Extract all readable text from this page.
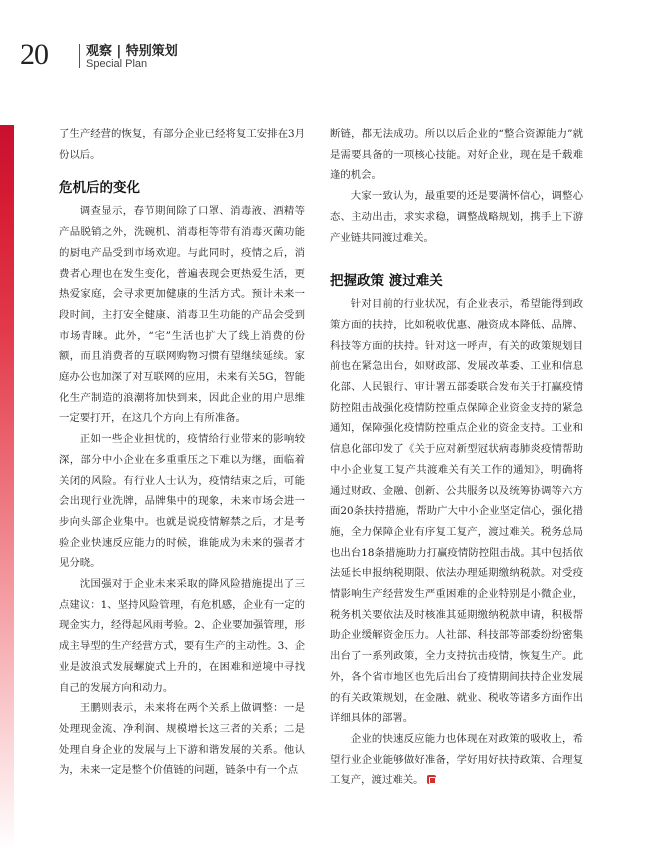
20	观察 | 特别策划
Special Plan

了生产经营的恢复，有部分企业已经将复工安排在3月份以后。

危机后的变化

调查显示，春节期间除了口罩、消毒液、酒精等产品脱销之外，洗碗机、消毒柜等带有消毒灭菌功能的厨电产品受到市场欢迎。与此同时，疫情之后，消费者心理也在发生变化，普遍表现会更热爱生活，更热爱家庭，会寻求更加健康的生活方式。预计未来一段时间，主打安全健康、消毒卫生功能的产品会受到市场青睐。此外，“宅”生活也扩大了线上消费的份额，而且消费者的互联网购物习惯有望继续延续。家庭办公也加深了对互联网的应用，未来有关5G，智能化生产制造的浪潮将加快到来，因此企业的用户思维一定要打开，在这几个方向上有所准备。

正如一些企业担忧的，疫情给行业带来的影响较深，部分中小企业在多重重压之下难以为继，面临着关闭的风险。有行业人士认为，疫情结束之后，可能会出现行业洗牌，品牌集中的现象，未来市场会进一步向头部企业集中。也就是说疫情解禁之后，才是考验企业快速反应能力的时候，谁能成为未来的强者才见分晓。

沈国强对于企业未来采取的降风险措施提出了三点建议：1、坚持风险管理，有危机感，企业有一定的现金实力，经得起风雨考验。2、企业要加强管理，形成主导型的生产经营方式，要有生产的主动性。3、企业是波浪式发展螺旋式上升的，在困难和逆境中寻找自己的发展方向和动力。

王鹏则表示，未来将在两个关系上做调整：一是处理现金流、净利润、规模增长这三者的关系；二是处理自身企业的发展与上下游和谐发展的关系。他认为，未来一定是整个价值链的问题，链条中有一个点

断链，都无法成功。所以以后企业的“整合资源能力”就是需要具备的一项核心技能。对好企业，现在是千载难逢的机会。

大家一致认为，最重要的还是要满怀信心，调整心态、主动出击，求实求稳，调整战略规划，携手上下游产业链共同渡过难关。

把握政策 渡过难关

针对目前的行业状况，有企业表示，希望能得到政策方面的扶持，比如税收优惠、融资成本降低、品牌、科技等方面的扶持。针对这一呼声，有关的政策规划目前也在紧急出台，如财政部、发展改革委、工业和信息化部、人民银行、审计署五部委联合发布关于打赢疫情防控阻击战强化疫情防控重点保障企业资金支持的紧急通知，保障强化疫情防控重点企业的资金支持。工业和信息化部印发了《关于应对新型冠状病毒肺炎疫情帮助中小企业复工复产共渡难关有关工作的通知》，明确将通过财政、金融、创新、公共服务以及统筹协调等六方面20条扶持措施，帮助广大中小企业坚定信心，强化措施，全力保障企业有序复工复产，渡过难关。税务总局也出台18条措施助力打赢疫情防控阻击战。其中包括依法延长申报纳税期限、依法办理延期缴纳税款。对受疫情影响生产经营发生严重困难的企业特别是小微企业，税务机关要依法及时核准其延期缴纳税款申请，积极帮助企业缓解资金压力。人社部、科技部等部委纷纷密集出台了一系列政策，全力支持抗击疫情，恢复生产。此外，各个省市地区也先后出台了疫情期间扶持企业发展的有关政策规划，在金融、就业、税收等诸多方面作出详细具体的部署。

企业的快速反应能力也体现在对政策的吸收上，希望行业企业能够做好准备，学好用好扶持政策、合理复工复产，渡过难关。
